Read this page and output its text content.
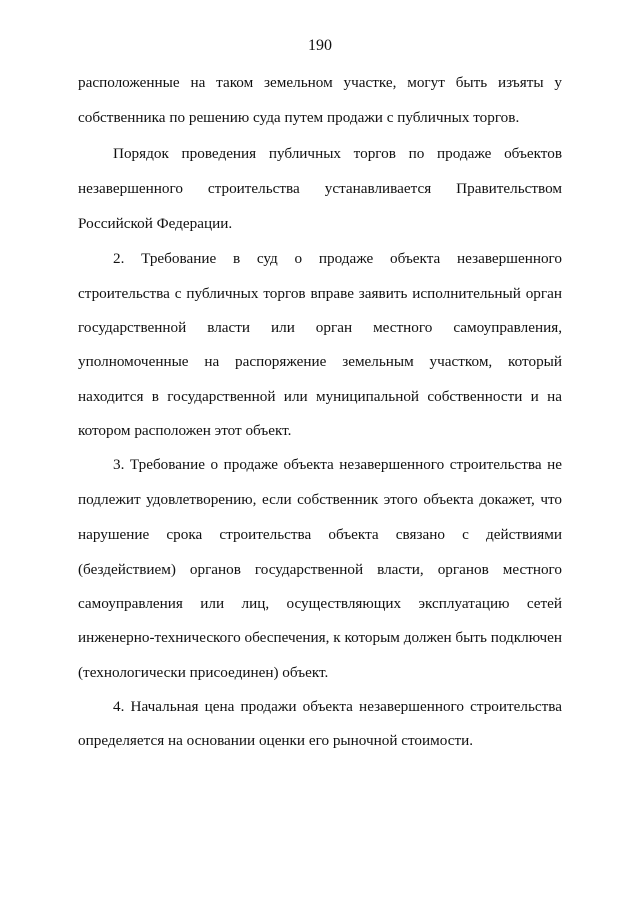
190
расположенные на таком земельном участке, могут быть изъяты у
собственника по решению суда путем продажи с публичных торгов.
Порядок проведения публичных торгов по продаже объектов
незавершенного строительства устанавливается Правительством
Российской Федерации.
2. Требование в суд о продаже объекта незавершенного
строительства с публичных торгов вправе заявить исполнительный орган
государственной власти или орган местного самоуправления,
уполномоченные на распоряжение земельным участком, который
находится в государственной или муниципальной собственности и на
котором расположен этот объект.
3. Требование о продаже объекта незавершенного строительства не
подлежит удовлетворению, если собственник этого объекта докажет, что
нарушение срока строительства объекта связано с действиями
(бездействием) органов государственной власти, органов местного
самоуправления или лиц, осуществляющих эксплуатацию сетей
инженерно-технического обеспечения, к которым должен быть подключен
(технологически присоединен) объект.
4. Начальная цена продажи объекта незавершенного строительства
определяется на основании оценки его рыночной стоимости.
